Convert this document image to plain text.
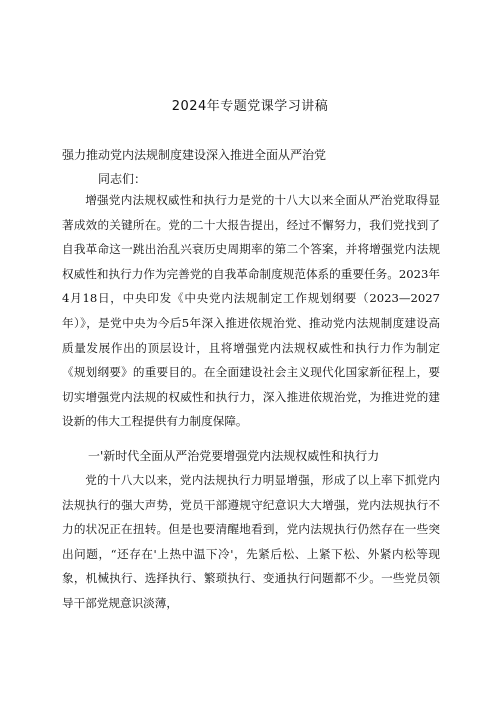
2024年专题党课学习讲稿
强力推动党内法规制度建设深入推进全面从严治党
同志们：
增强党内法规权威性和执行力是党的十八大以来全面从严治党取得显著成效的关键所在。党的二十大报告提出，经过不懈努力，我们党找到了自我革命这一跳出治乱兴衰历史周期率的第二个答案，并将增强党内法规权威性和执行力作为完善党的自我革命制度规范体系的重要任务。2023年4月18日，中央印发《中央党内法规制定工作规划纲要（2023—2027年）》，是党中央为今后5年深入推进依规治党、推动党内法规制度建设高质量发展作出的顶层设计，且将增强党内法规权威性和执行力作为制定《规划纲要》的重要目的。在全面建设社会主义现代化国家新征程上，要切实增强党内法规的权威性和执行力，深入推进依规治党，为推进党的建设新的伟大工程提供有力制度保障。
一'新时代全面从严治党要增强党内法规权威性和执行力
党的十八大以来，党内法规执行力明显增强，形成了以上率下抓党内法规执行的强大声势，党员干部遵规守纪意识大大增强，党内法规执行不力的状况正在扭转。但是也要清醒地看到，党内法规执行仍然存在一些突出问题，“还存在'上热中温下冷'，先紧后松、上紧下松、外紧内松等现象，机械执行、选择执行、繁琐执行、变通执行问题都不少。一些党员领导干部党规意识淡薄，
